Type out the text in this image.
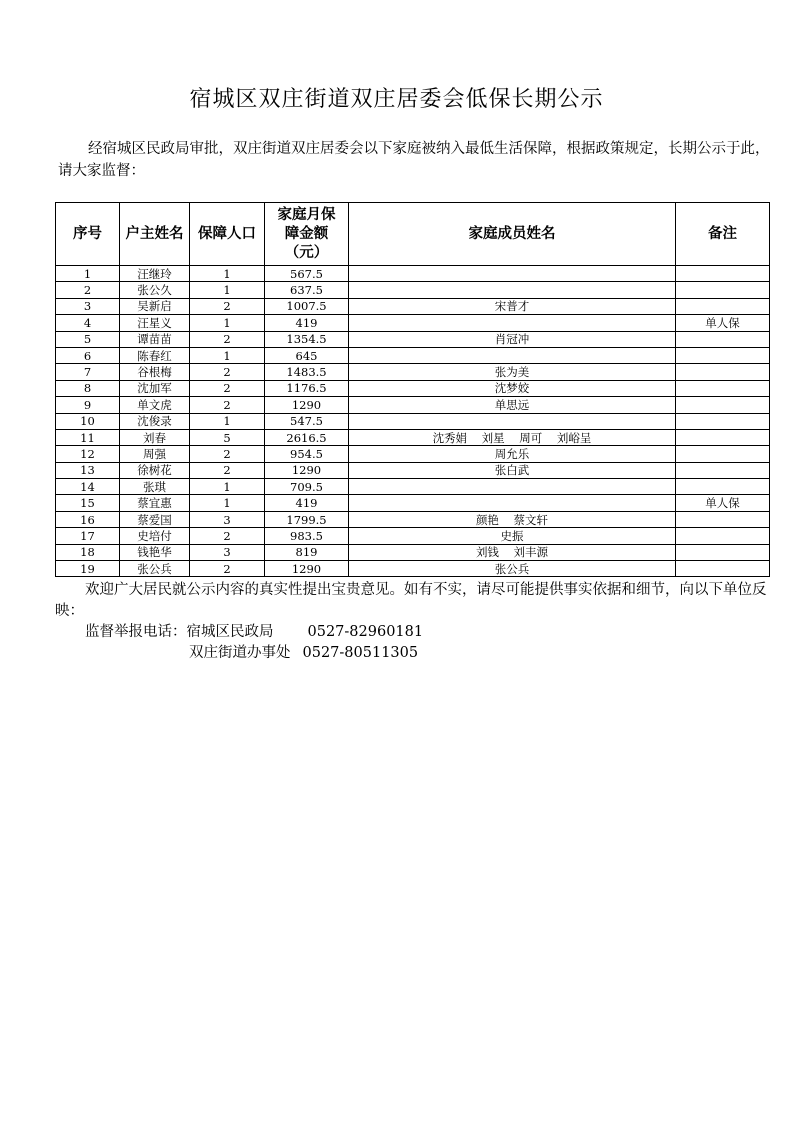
宿城区双庄街道双庄居委会低保长期公示

经宿城区民政局审批，双庄街道双庄居委会以下家庭被纳入最低生活保障，根据政策规定，长期公示于此，请大家监督：

序号	户主姓名	保障人口	家庭月保
障金额
（元）	家庭成员姓名	备注
1	汪继玲	1	567.5		
2	张公久	1	637.5		
3	吴新启	2	1007.5	宋普才	
4	汪星义	1	419		单人保
5	谭苗苗	2	1354.5	肖冠冲	
6	陈春红	1	645		
7	谷根梅	2	1483.5	张为美	
8	沈加军	2	1176.5	沈梦姣	
9	单文虎	2	1290	单思远	
10	沈俊录	1	547.5		
11	刘春	5	2616.5	沈秀娟    刘星    周可    刘峪呈	
12	周强	2	954.5	周允乐	
13	徐树花	2	1290	张白武	
14	张琪	1	709.5		
15	蔡宜惠	1	419		单人保
16	蔡爱国	3	1799.5	颜艳    蔡文轩	
17	史培付	2	983.5	史振	
18	钱艳华	3	819	刘钱    刘丰源	
19	张公兵	2	1290	张公兵	

欢迎广大居民就公示内容的真实性提出宝贵意见。如有不实，请尽可能提供事实依据和细节，向以下单位反映：

监督举报电话：宿城区民政局 0527-82960181

双庄街道办事处 0527-80511305
